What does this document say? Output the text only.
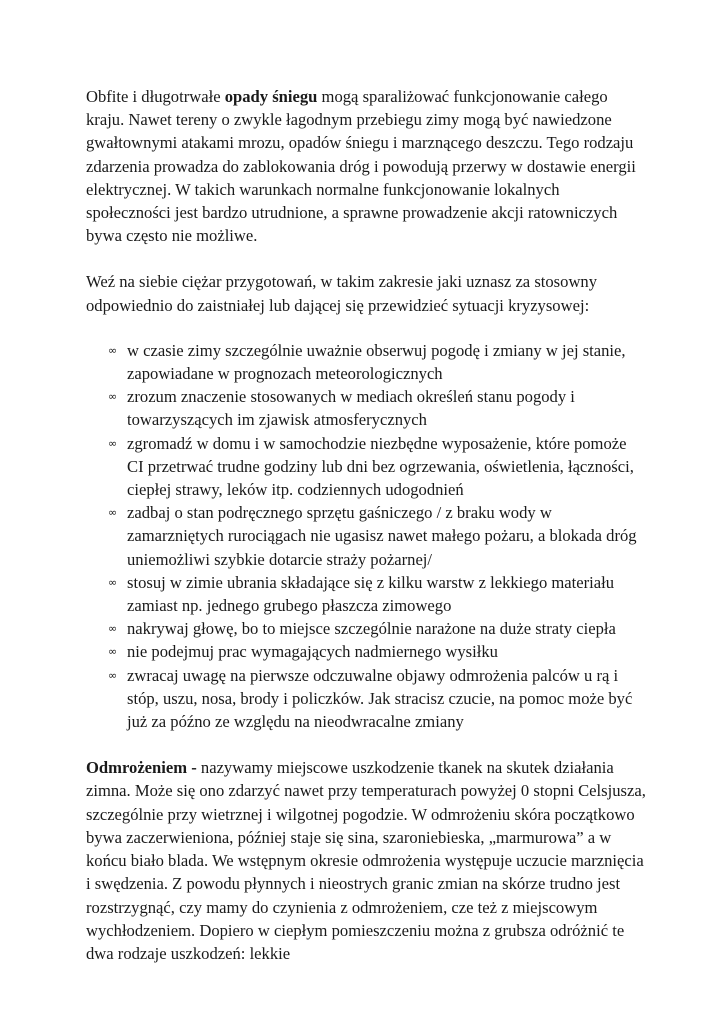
Obfite i długotrwałe opady śniegu mogą sparaliżować funkcjonowanie całego kraju. Nawet tereny o zwykle łagodnym przebiegu zimy mogą być nawiedzone gwałtownymi atakami mrozu, opadów śniegu i marznącego deszczu. Tego rodzaju zdarzenia prowadza do zablokowania dróg i powodują przerwy w dostawie energii elektrycznej. W takich warunkach normalne funkcjonowanie lokalnych społeczności jest bardzo utrudnione, a sprawne prowadzenie akcji ratowniczych bywa często nie możliwe.

Weź na siebie ciężar przygotowań, w takim zakresie jaki uznasz za stosowny odpowiednio do zaistniałej lub dającej się przewidzieć sytuacji kryzysowej:

∞ w czasie zimy szczególnie uważnie obserwuj pogodę i zmiany w jej stanie, zapowiadane w prognozach meteorologicznych
∞ zrozum znaczenie stosowanych w mediach określeń stanu pogody i towarzyszących im zjawisk atmosferycznych
∞ zgromadź w domu i w samochodzie niezbędne wyposażenie, które pomoże CI przetrwać trudne godziny lub dni bez ogrzewania, oświetlenia, łączności, ciepłej strawy, leków itp. codziennych udogodnień
∞ zadbaj o stan podręcznego sprzętu gaśniczego / z braku wody w zamarzniętych rurociągach nie ugasisz nawet małego pożaru, a blokada dróg uniemożliwi szybkie dotarcie straży pożarnej/
∞ stosuj w zimie ubrania składające się z kilku warstw z lekkiego materiału zamiast np. jednego grubego płaszcza zimowego
∞ nakrywaj głowę, bo to miejsce szczególnie narażone na duże straty ciepła
∞ nie podejmuj prac wymagających nadmiernego wysiłku
∞ zwracaj uwagę na pierwsze odczuwalne objawy odmrożenia palców u rą i stóp, uszu, nosa, brody i policzków. Jak stracisz czucie, na pomoc może być już za późno ze względu na nieodwracalne zmiany

Odmrożeniem - nazywamy miejscowe uszkodzenie tkanek na skutek działania zimna. Może się ono zdarzyć nawet przy temperaturach powyżej 0 stopni Celsjusza, szczególnie przy wietrznej i wilgotnej pogodzie. W odmrożeniu skóra początkowo bywa zaczerwieniona, później staje się sina, szaroniebieska, „marmurowa” a w końcu biało blada. We wstępnym okresie odmrożenia występuje uczucie marznięcia i swędzenia. Z powodu płynnych i nieostrych granic zmian na skórze trudno jest rozstrzygnąć, czy mamy do czynienia z odmrożeniem, cze też z miejscowym wychłodzeniem. Dopiero w ciepłym pomieszczeniu można z grubsza odróżnić te dwa rodzaje uszkodzeń: lekkie
